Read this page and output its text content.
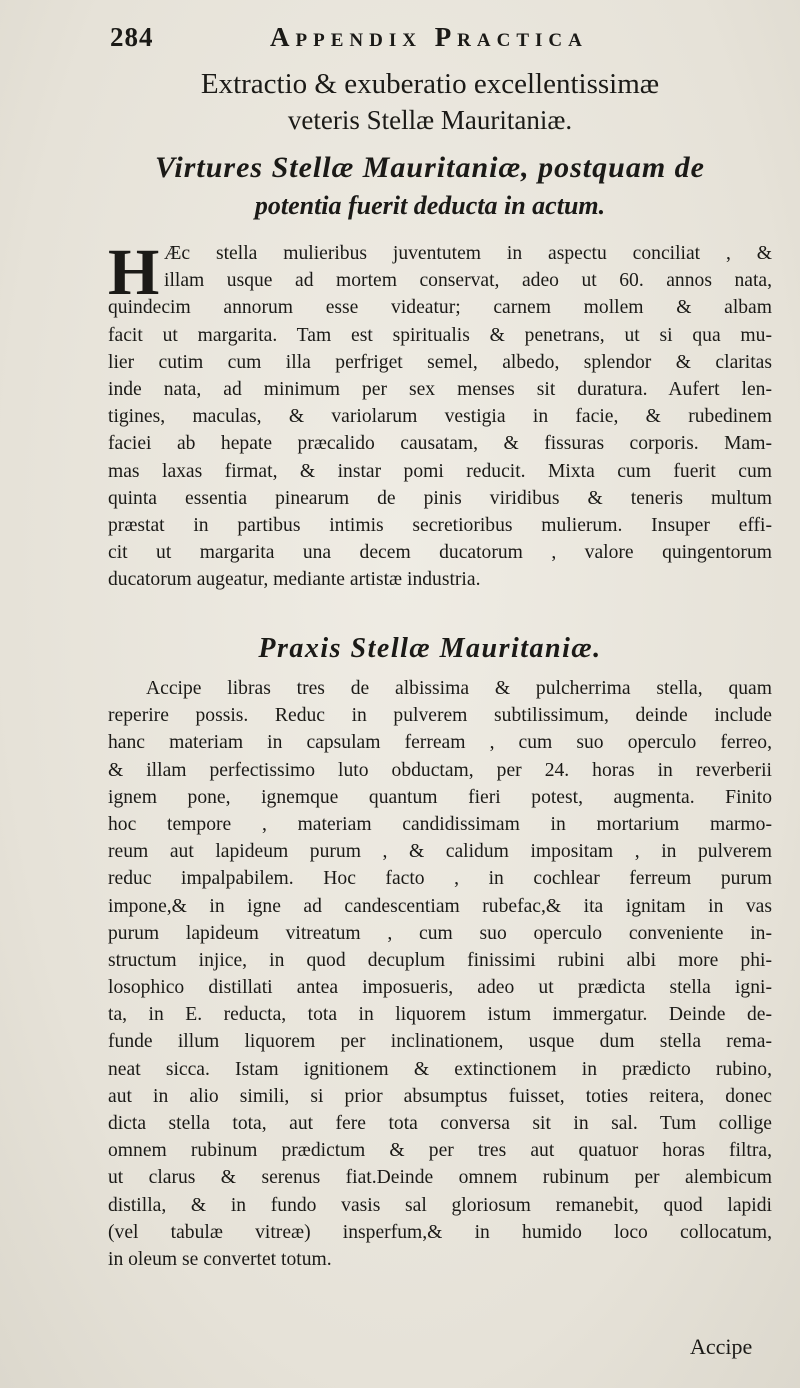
284	Appendix Practica
Extractio & exuberatio excellentissimæ
veteris Stellæ Mauritaniæ.
Virtures Stellæ Mauritaniæ, postquam de
potentia fuerit deducta in actum.
H Æc stella mulieribus juventutem in aspectu conciliat , &
illam usque ad mortem conservat, adeo ut 60. annos nata,
quindecim annorum esse videatur; carnem mollem & albam
facit ut margarita. Tam est spiritualis & penetrans, ut si qua mu-
lier cutim cum illa perfriget semel, albedo, splendor & claritas
inde nata, ad minimum per sex menses sit duratura. Aufert len-
tigines, maculas, & variolarum vestigia in facie, & rubedinem
faciei ab hepate præcalido causatam, & fissuras corporis. Mam-
mas laxas firmat, & instar pomi reducit. Mixta cum fuerit cum
quinta essentia pinearum de pinis viridibus & teneris multum
præstat in partibus intimis secretioribus mulierum. Insuper effi-
cit ut margarita una decem ducatorum , valore quingentorum
ducatorum augeatur, mediante artistæ industria.
Praxis Stellæ Mauritaniæ.
Accipe libras tres de albissima & pulcherrima stella, quam
reperire possis. Reduc in pulverem subtilissimum, deinde include
hanc materiam in capsulam ferream , cum suo operculo ferreo,
& illam perfectissimo luto obductam, per 24. horas in reverberii
ignem pone, ignemque quantum fieri potest, augmenta. Finito
hoc tempore , materiam candidissimam in mortarium marmo-
reum aut lapideum purum , & calidum impositam , in pulverem
reduc impalpabilem. Hoc facto , in cochlear ferreum purum
impone,& in igne ad candescentiam rubefac,& ita ignitam in vas
purum lapideum vitreatum , cum suo operculo conveniente in-
structum injice, in quod decuplum finissimi rubini albi more phi-
losophico distillati antea imposueris, adeo ut prædicta stella igni-
ta, in E. reducta, tota in liquorem istum immergatur. Deinde de-
funde illum liquorem per inclinationem, usque dum stella rema-
neat sicca. Istam ignitionem & extinctionem in prædicto rubino,
aut in alio simili, si prior absumptus fuisset, toties reitera, donec
dicta stella tota, aut fere tota conversa sit in sal. Tum collige
omnem rubinum prædictum & per tres aut quatuor horas filtra,
ut clarus & serenus fiat.Deinde omnem rubinum per alembicum
distilla, & in fundo vasis sal gloriosum remanebit, quod lapidi
(vel tabulæ vitreæ) insperfum,& in humido loco collocatum,
in oleum se convertet totum.
Accipe
